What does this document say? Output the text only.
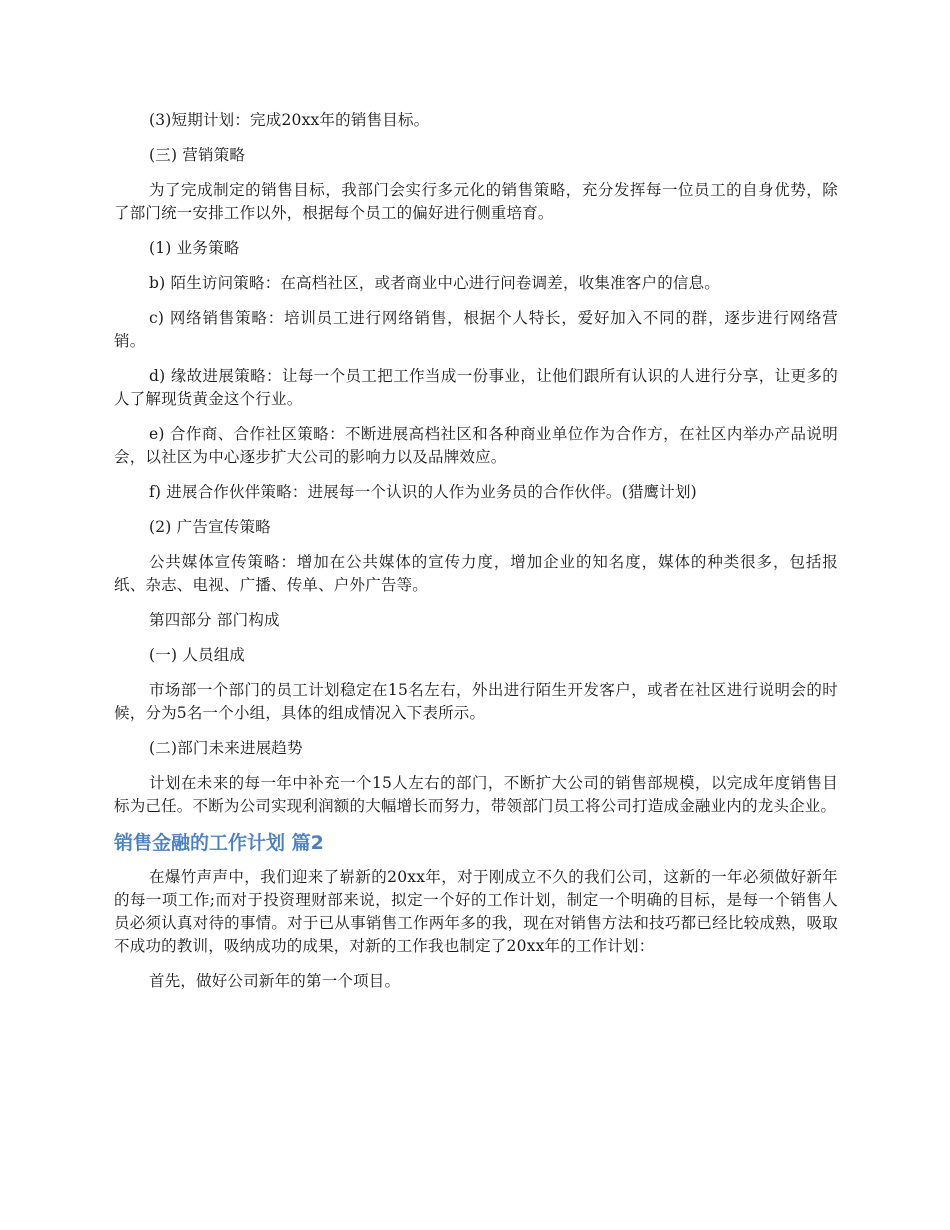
(3)短期计划：完成20xx年的销售目标。

(三) 营销策略

为了完成制定的销售目标，我部门会实行多元化的销售策略，充分发挥每一位员工的自身优势，除了部门统一安排工作以外，根据每个员工的偏好进行侧重培育。

(1) 业务策略

b) 陌生访问策略：在高档社区，或者商业中心进行问卷调差，收集准客户的信息。

c) 网络销售策略：培训员工进行网络销售，根据个人特长，爱好加入不同的群，逐步进行网络营销。

d) 缘故进展策略：让每一个员工把工作当成一份事业，让他们跟所有认识的人进行分享，让更多的人了解现货黄金这个行业。

e) 合作商、合作社区策略：不断进展高档社区和各种商业单位作为合作方，在社区内举办产品说明会，以社区为中心逐步扩大公司的影响力以及品牌效应。

f) 进展合作伙伴策略：进展每一个认识的人作为业务员的合作伙伴。(猎鹰计划)

(2) 广告宣传策略

公共媒体宣传策略：增加在公共媒体的宣传力度，增加企业的知名度，媒体的种类很多，包括报纸、杂志、电视、广播、传单、户外广告等。

第四部分 部门构成

(一) 人员组成

市场部一个部门的员工计划稳定在15名左右，外出进行陌生开发客户，或者在社区进行说明会的时候，分为5名一个小组，具体的组成情况入下表所示。

(二)部门未来进展趋势

计划在未来的每一年中补充一个15人左右的部门，不断扩大公司的销售部规模，以完成年度销售目标为己任。不断为公司实现利润额的大幅增长而努力，带领部门员工将公司打造成金融业内的龙头企业。

销售金融的工作计划 篇2

在爆竹声声中，我们迎来了崭新的20xx年，对于刚成立不久的我们公司，这新的一年必须做好新年的每一项工作;而对于投资理财部来说，拟定一个好的工作计划，制定一个明确的目标，是每一个销售人员必须认真对待的事情。对于已从事销售工作两年多的我，现在对销售方法和技巧都已经比较成熟，吸取不成功的教训，吸纳成功的成果，对新的工作我也制定了20xx年的工作计划：

首先，做好公司新年的第一个项目。
